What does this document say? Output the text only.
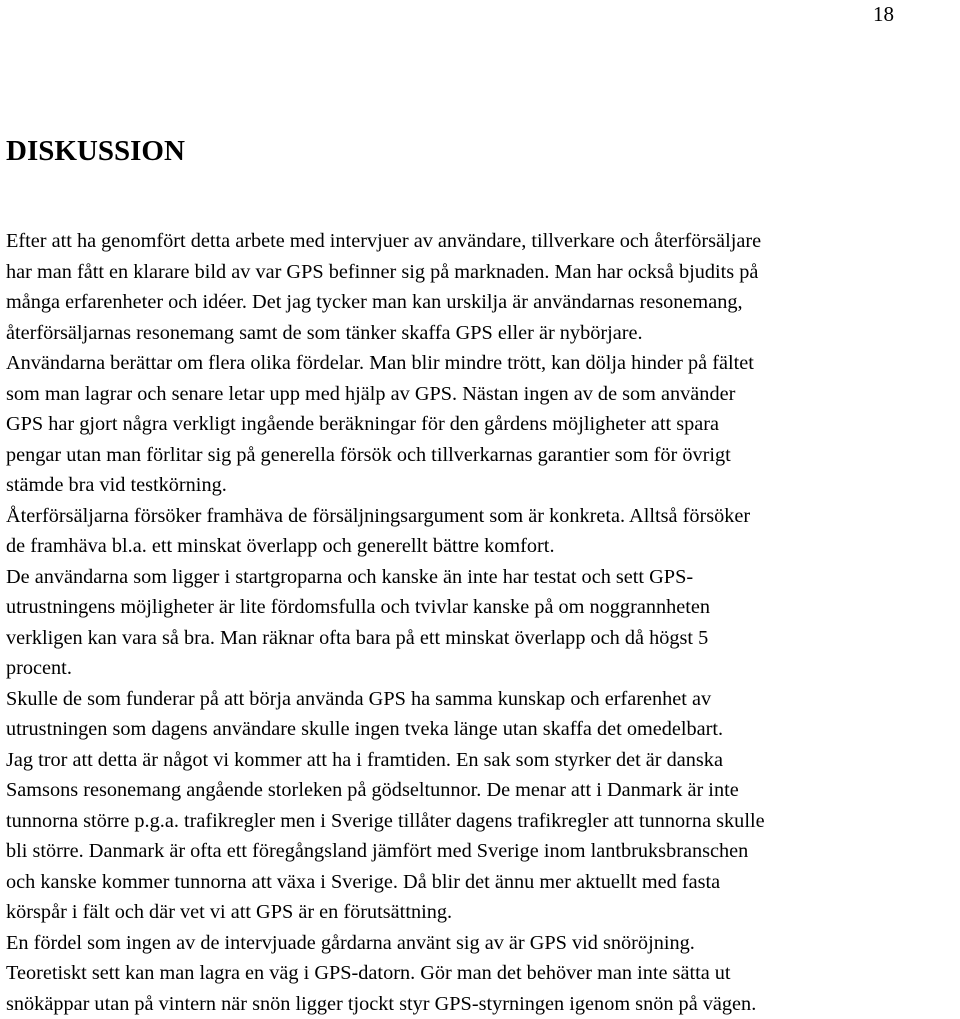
18
DISKUSSION
Efter att ha genomfört detta arbete med intervjuer av användare, tillverkare och återförsäljare
har man fått en klarare bild av var GPS befinner sig på marknaden. Man har också bjudits på
många erfarenheter och idéer. Det jag tycker man kan urskilja är användarnas resonemang,
återförsäljarnas resonemang samt de som tänker skaffa GPS eller är nybörjare.
Användarna berättar om flera olika fördelar. Man blir mindre trött, kan dölja hinder på fältet
som man lagrar och senare letar upp med hjälp av GPS. Nästan ingen av de som använder
GPS har gjort några verkligt ingående beräkningar för den gårdens möjligheter att spara
pengar utan man förlitar sig på generella försök och tillverkarnas garantier som för övrigt
stämde bra vid testkörning.
Återförsäljarna försöker framhäva de försäljningsargument som är konkreta. Alltså försöker
de framhäva bl.a. ett minskat överlapp och generellt bättre komfort.
De användarna som ligger i startgroparna och kanske än inte har testat och sett GPS-
utrustningens möjligheter är lite fördomsfulla och tvivlar kanske på om noggrannheten
verkligen kan vara så bra. Man räknar ofta bara på ett minskat överlapp och då högst 5
procent.
Skulle de som funderar på att börja använda GPS ha samma kunskap och erfarenhet av
utrustningen som dagens användare skulle ingen tveka länge utan skaffa det omedelbart.
Jag tror att detta är något vi kommer att ha i framtiden. En sak som styrker det är danska
Samsons resonemang angående storleken på gödseltunnor. De menar att i Danmark är inte
tunnorna större p.g.a. trafikregler men i Sverige tillåter dagens trafikregler att tunnorna skulle
bli större. Danmark är ofta ett föregångsland jämfört med Sverige inom lantbruksbranschen
och kanske kommer tunnorna att växa i Sverige. Då blir det ännu mer aktuellt med fasta
körspår i fält och där vet vi att GPS är en förutsättning.
En fördel som ingen av de intervjuade gårdarna använt sig av är GPS vid snöröjning.
Teoretiskt sett kan man lagra en väg i GPS-datorn. Gör man det behöver man inte sätta ut
snökäppar utan på vintern när snön ligger tjockt styr GPS-styrningen igenom snön på vägen.
